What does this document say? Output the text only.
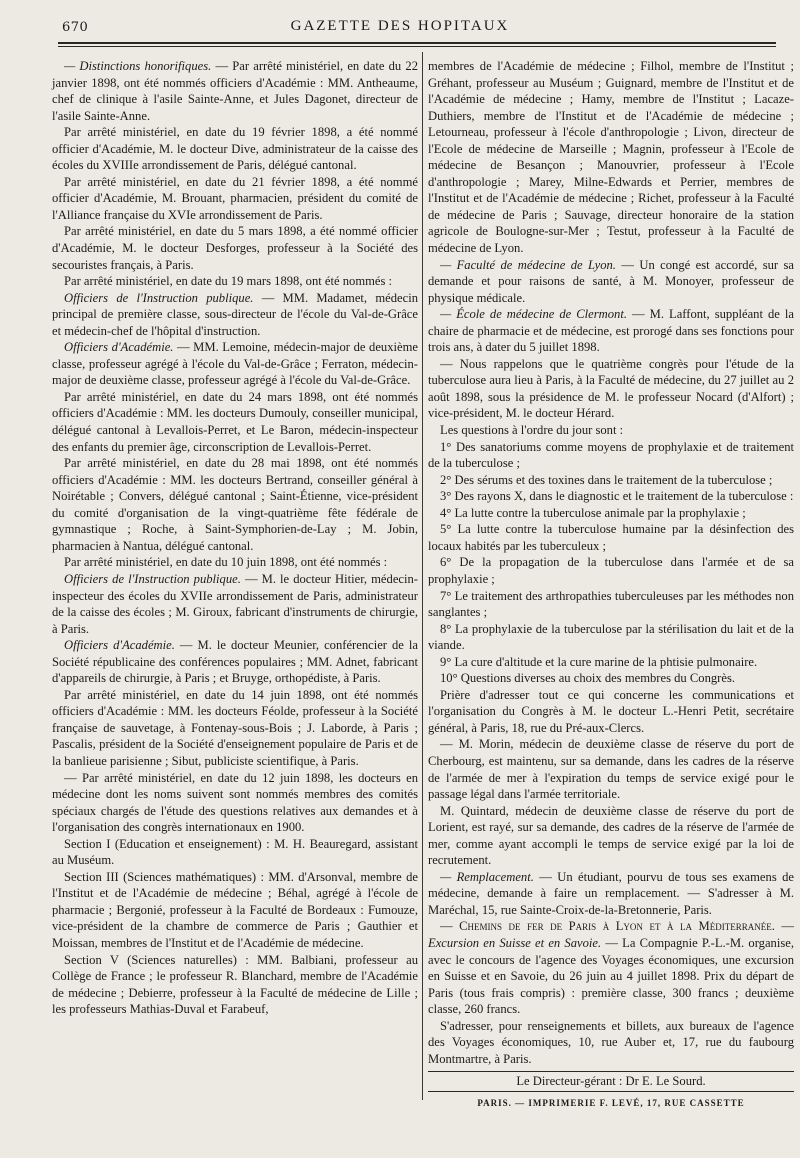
670	GAZETTE DES HOPITAUX

— Distinctions honorifiques. — Par arrêté ministériel, en date du 22 janvier 1898, ont été nommés officiers d'Académie : MM. Antheaume, chef de clinique à l'asile Sainte-Anne, et Jules Dagonet, directeur de l'asile Sainte-Anne.

Par arrêté ministériel, en date du 19 février 1898, a été nommé officier d'Académie, M. le docteur Dive, administrateur de la caisse des écoles du XVIIIe arrondissement de Paris, délégué cantonal.

Par arrêté ministériel, en date du 21 février 1898, a été nommé officier d'Académie, M. Brouant, pharmacien, président du comité de l'Alliance française du XVIe arrondissement de Paris.

Par arrêté ministériel, en date du 5 mars 1898, a été nommé officier d'Académie, M. le docteur Desforges, professeur à la Société des secouristes français, à Paris.

Par arrêté ministériel, en date du 19 mars 1898, ont été nommés :

Officiers de l'Instruction publique. — MM. Madamet, médecin principal de première classe, sous-directeur de l'école du Val-de-Grâce et médecin-chef de l'hôpital d'instruction.

Officiers d'Académie. — MM. Lemoine, médecin-major de deuxième classe, professeur agrégé à l'école du Val-de-Grâce ; Ferraton, médecin-major de deuxième classe, professeur agrégé à l'école du Val-de-Grâce.

Par arrêté ministériel, en date du 24 mars 1898, ont été nommés officiers d'Académie : MM. les docteurs Dumouly, conseiller municipal, délégué cantonal à Levallois-Perret, et Le Baron, médecin-inspecteur des enfants du premier âge, circonscription de Levallois-Perret.

Par arrêté ministériel, en date du 28 mai 1898, ont été nommés officiers d'Académie : MM. les docteurs Bertrand, conseiller général à Noirétable ; Convers, délégué cantonal ; Saint-Étienne, vice-président du comité d'organisation de la vingt-quatrième fête fédérale de gymnastique ; Roche, à Saint-Symphorien-de-Lay ; M. Jobin, pharmacien à Nantua, délégué cantonal.

Par arrêté ministériel, en date du 10 juin 1898, ont été nommés :

Officiers de l'Instruction publique. — M. le docteur Hitier, médecin-inspecteur des écoles du XVIIe arrondissement de Paris, administrateur de la caisse des écoles ; M. Giroux, fabricant d'instruments de chirurgie, à Paris.

Officiers d'Académie. — M. le docteur Meunier, conférencier de la Société républicaine des conférences populaires ; MM. Adnet, fabricant d'appareils de chirurgie, à Paris ; et Bruyge, orthopédiste, à Paris.

Par arrêté ministériel, en date du 14 juin 1898, ont été nommés officiers d'Académie : MM. les docteurs Féolde, professeur à la Société française de sauvetage, à Fontenay-sous-Bois ; J. Laborde, à Paris ; Pascalis, président de la Société d'enseignement populaire de Paris et de la banlieue parisienne ; Sibut, publiciste scientifique, à Paris.

— Par arrêté ministériel, en date du 12 juin 1898, les docteurs en médecine dont les noms suivent sont nommés membres des comités spéciaux chargés de l'étude des questions relatives aux demandes et à l'organisation des congrès internationaux en 1900.

Section I (Education et enseignement) : M. H. Beauregard, assistant au Muséum.

Section III (Sciences mathématiques) : MM. d'Arsonval, membre de l'Institut et de l'Académie de médecine ; Béhal, agrégé à l'école de pharmacie ; Bergonié, professeur à la Faculté de Bordeaux : Fumouze, vice-président de la chambre de commerce de Paris ; Gauthier et Moissan, membres de l'Institut et de l'Académie de médecine.

Section V (Sciences naturelles) : MM. Balbiani, professeur au Collège de France ; le professeur R. Blanchard, membre de l'Académie de médecine ; Debierre, professeur à la Faculté de médecine de Lille ; les professeurs Mathias-Duval et Farabeuf,

membres de l'Académie de médecine ; Filhol, membre de l'Institut ; Gréhant, professeur au Muséum ; Guignard, membre de l'Institut et de l'Académie de médecine ; Hamy, membre de l'Institut ; Lacaze-Duthiers, membre de l'Institut et de l'Académie de médecine ; Letourneau, professeur à l'école d'anthropologie ; Livon, directeur de l'Ecole de médecine de Marseille ; Magnin, professeur à l'Ecole de médecine de Besançon ; Manouvrier, professeur à l'Ecole d'anthropologie ; Marey, Milne-Edwards et Perrier, membres de l'Institut et de l'Académie de médecine ; Richet, professeur à la Faculté de médecine de Paris ; Sauvage, directeur honoraire de la station agricole de Boulogne-sur-Mer ; Testut, professeur à la Faculté de médecine de Lyon.

— Faculté de médecine de Lyon. — Un congé est accordé, sur sa demande et pour raisons de santé, à M. Monoyer, professeur de physique médicale.

— École de médecine de Clermont. — M. Laffont, suppléant de la chaire de pharmacie et de médecine, est prorogé dans ses fonctions pour trois ans, à dater du 5 juillet 1898.

— Nous rappelons que le quatrième congrès pour l'étude de la tuberculose aura lieu à Paris, à la Faculté de médecine, du 27 juillet au 2 août 1898, sous la présidence de M. le professeur Nocard (d'Alfort) ; vice-président, M. le docteur Hérard.

Les questions à l'ordre du jour sont :

1° Des sanatoriums comme moyens de prophylaxie et de traitement de la tuberculose ;

2° Des sérums et des toxines dans le traitement de la tuberculose ;

3° Des rayons X, dans le diagnostic et le traitement de la tuberculose :

4° La lutte contre la tuberculose animale par la prophylaxie ;

5° La lutte contre la tuberculose humaine par la désinfection des locaux habités par les tuberculeux ;

6° De la propagation de la tuberculose dans l'armée et de sa prophylaxie ;

7° Le traitement des arthropathies tuberculeuses par les méthodes non sanglantes ;

8° La prophylaxie de la tuberculose par la stérilisation du lait et de la viande.

9° La cure d'altitude et la cure marine de la phtisie pulmonaire.

10° Questions diverses au choix des membres du Congrès.

Prière d'adresser tout ce qui concerne les communications et l'organisation du Congrès à M. le docteur L.-Henri Petit, secrétaire général, à Paris, 18, rue du Pré-aux-Clercs.

— M. Morin, médecin de deuxième classe de réserve du port de Cherbourg, est maintenu, sur sa demande, dans les cadres de la réserve de l'armée de mer à l'expiration du temps de service exigé pour le passage légal dans l'armée territoriale.

M. Quintard, médecin de deuxième classe de réserve du port de Lorient, est rayé, sur sa demande, des cadres de la réserve de l'armée de mer, comme ayant accompli le temps de service exigé par la loi de recrutement.

— Remplacement. — Un étudiant, pourvu de tous ses examens de médecine, demande à faire un remplacement. — S'adresser à M. Maréchal, 15, rue Sainte-Croix-de-la-Bretonnerie, Paris.

— Chemins de fer de Paris à Lyon et à la Méditerranée. — Excursion en Suisse et en Savoie. — La Compagnie P.-L.-M. organise, avec le concours de l'agence des Voyages économiques, une excursion en Suisse et en Savoie, du 26 juin au 4 juillet 1898. Prix du départ de Paris (tous frais compris) : première classe, 300 francs ; deuxième classe, 260 francs.

S'adresser, pour renseignements et billets, aux bureaux de l'agence des Voyages économiques, 10, rue Auber et, 17, rue du faubourg Montmartre, à Paris.

Le Directeur-gérant : Dr E. Le Sourd.
PARIS. — IMPRIMERIE F. LEVÉ, 17, RUE CASSETTE
